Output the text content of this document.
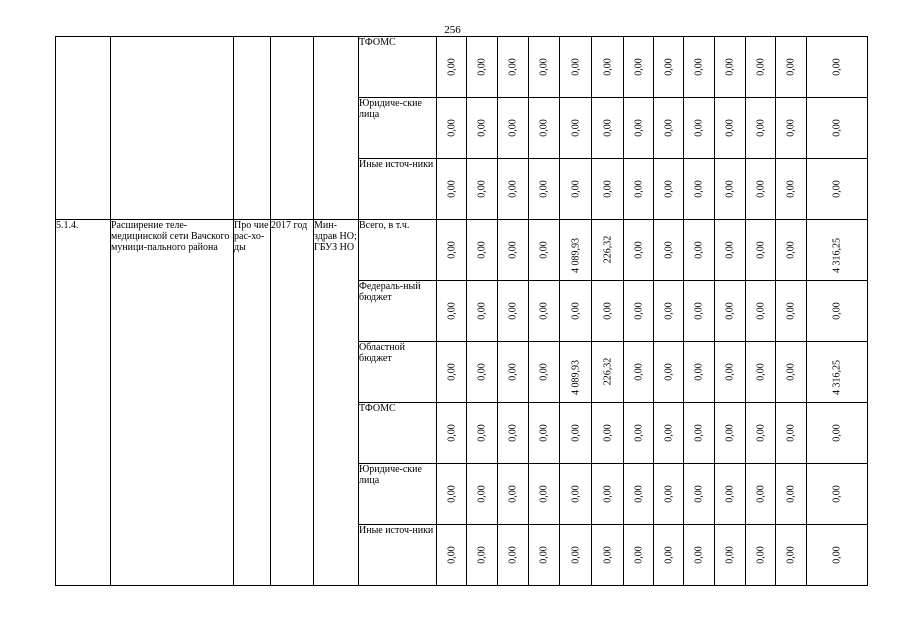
256
					ТФОМС	0,00	0,00	0,00	0,00	0,00	0,00	0,00	0,00	0,00	0,00	0,00	0,00	0,00

					Юридиче-ские лица	0,00	0,00	0,00	0,00	0,00	0,00	0,00	0,00	0,00	0,00	0,00	0,00	0,00

					Иные источ-ники	0,00	0,00	0,00	0,00	0,00	0,00	0,00	0,00	0,00	0,00	0,00	0,00	0,00

5.1.4.	Расширение теле-медицинской сети Вачского муници-пального района	Про чие рас-хо-ды	2017 год	Мин-здрав НО; ГБУЗ НО	Всего, в т.ч.	0,00	0,00	0,00	0,00	4 089,93	226,32	0,00	0,00	0,00	0,00	0,00	0,00	4 316,25

					Федераль-ный бюджет	0,00	0,00	0,00	0,00	0,00	0,00	0,00	0,00	0,00	0,00	0,00	0,00	0,00

					Областной бюджет	0,00	0,00	0,00	0,00	4 089,93	226,32	0,00	0,00	0,00	0,00	0,00	0,00	4 316,25

					ТФОМС	0,00	0,00	0,00	0,00	0,00	0,00	0,00	0,00	0,00	0,00	0,00	0,00	0,00

					Юридиче-ские лица	0,00	0,00	0,00	0,00	0,00	0,00	0,00	0,00	0,00	0,00	0,00	0,00	0,00

					Иные источ-ники	0,00	0,00	0,00	0,00	0,00	0,00	0,00	0,00	0,00	0,00	0,00	0,00	0,00
